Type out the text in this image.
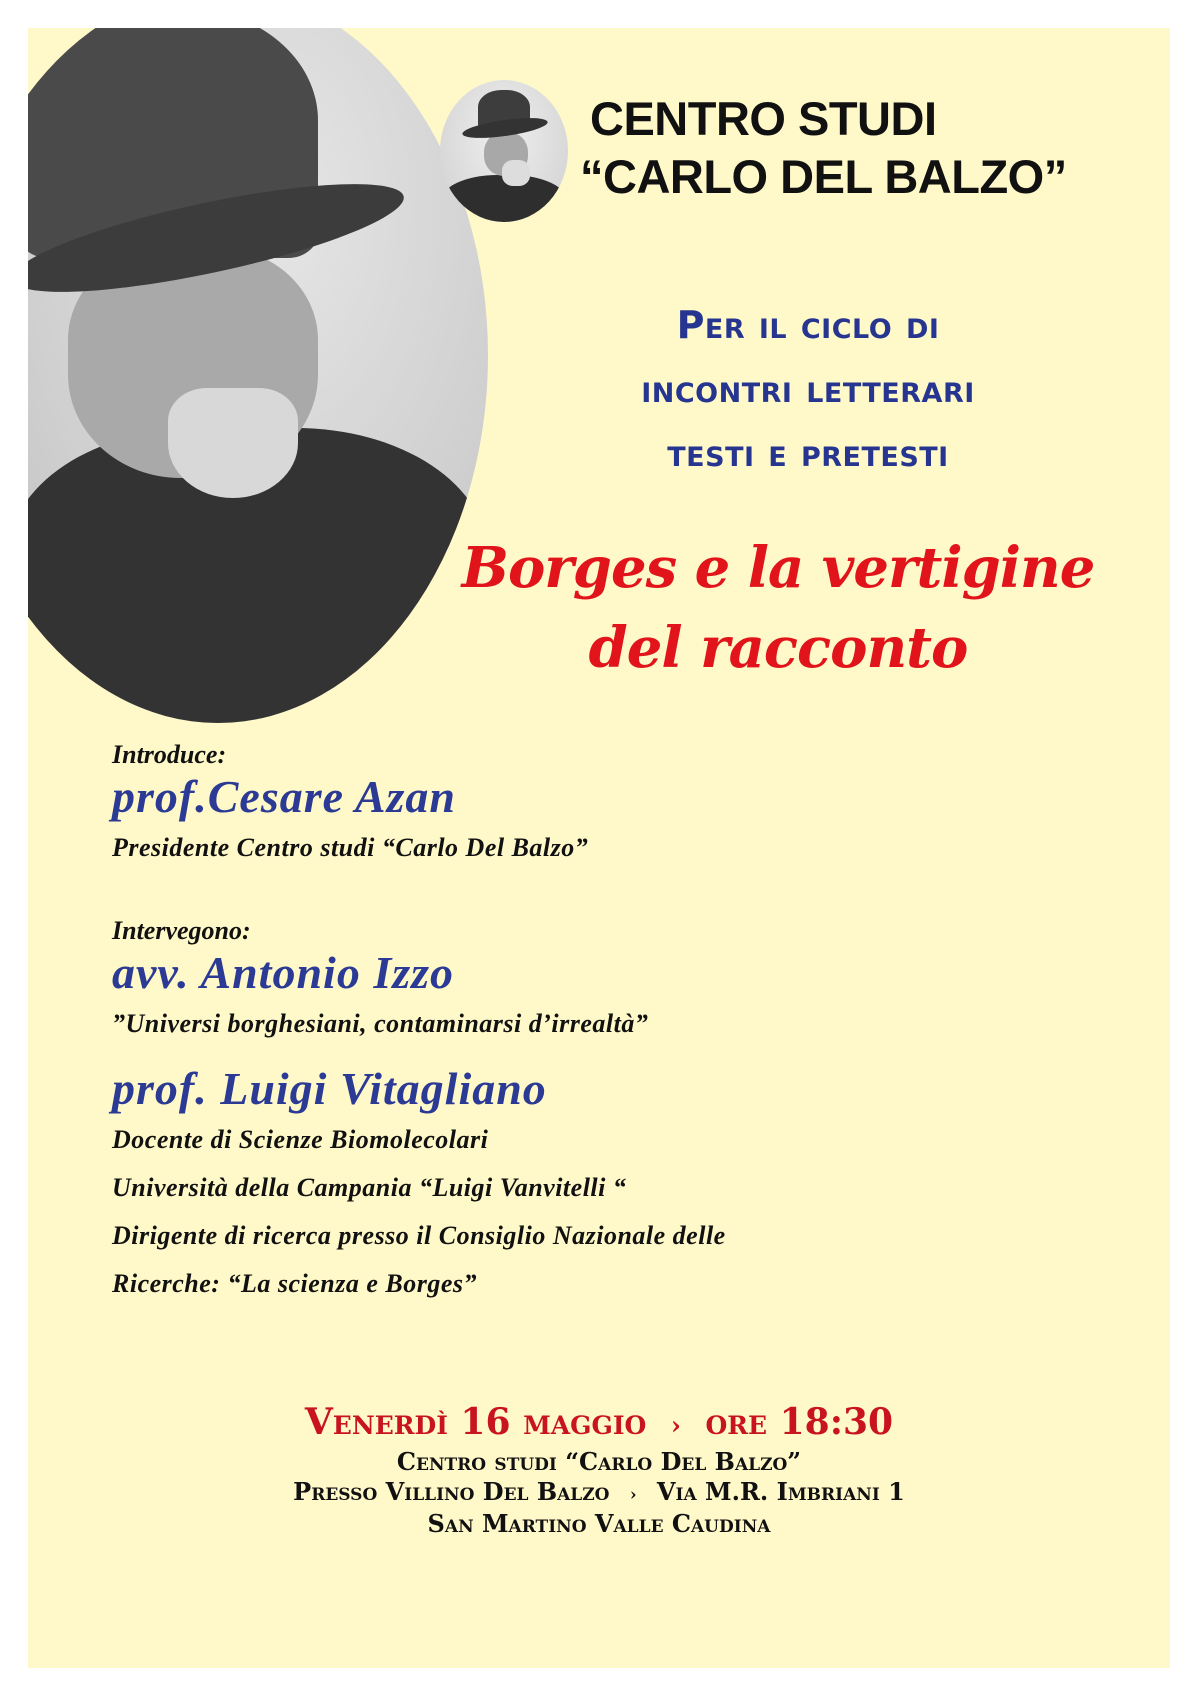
CENTRO STUDI
“CARLO DEL BALZO”
Per il ciclo di
incontri letterari
testi e pretesti
Borges e la vertigine
del racconto
Introduce:
prof.Cesare Azan
Presidente Centro studi “Carlo Del Balzo”
Intervegono:
avv. Antonio Izzo
”Universi borghesiani, contaminarsi d’irrealtà”
prof. Luigi Vitagliano
Docente di Scienze Biomolecolari
Università della Campania “Luigi Vanvitelli “
Dirigente di ricerca presso il Consiglio Nazionale delle
Ricerche: “La scienza e Borges”
Venerdì 16 maggio › ore 18:30
Centro studi “Carlo Del Balzo”
Presso Villino Del Balzo › Via M.R. Imbriani 1
San Martino Valle Caudina
